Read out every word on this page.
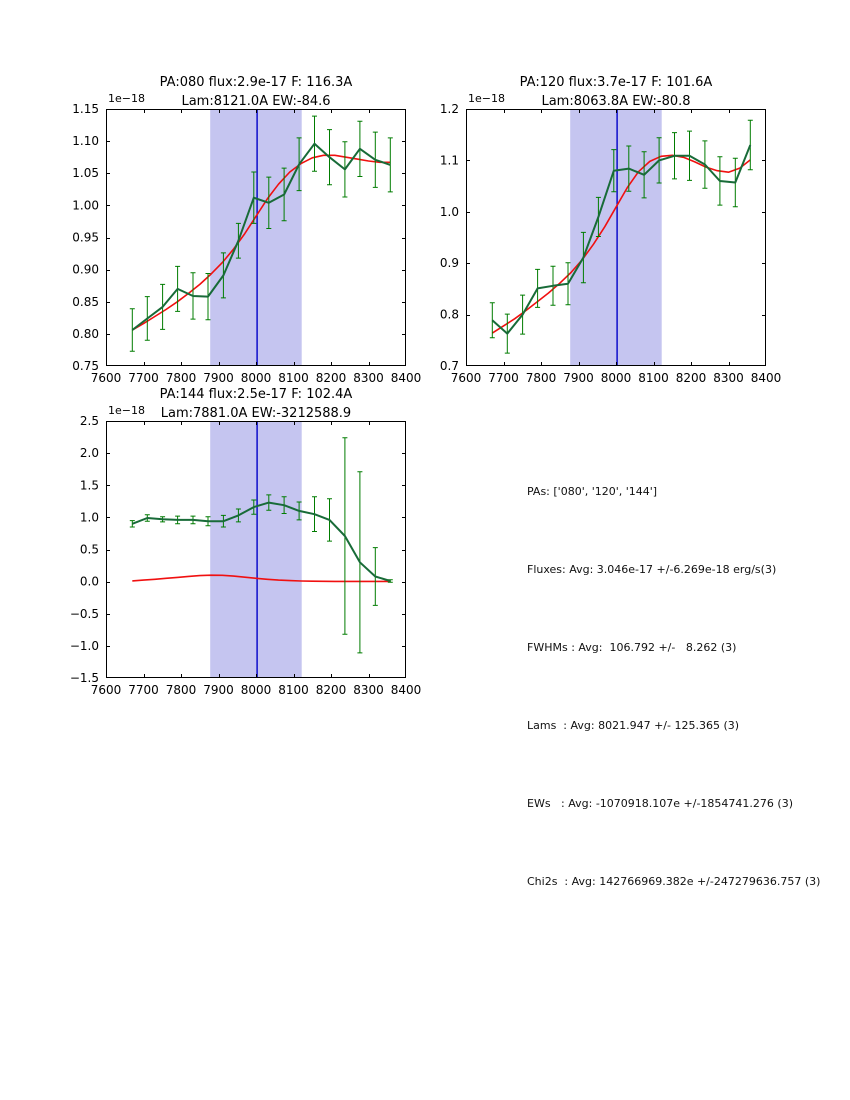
PA:080 flux:2.9e-17 F: 116.3A
Lam:8121.0A EW:-84.6
1e−18
7600 7700 7800 7900 8000 8100 8200 8300 8400
0.75
0.80
0.85
0.90
0.95
1.00
1.05
1.10
1.15
PA:120 flux:3.7e-17 F: 101.6A
Lam:8063.8A EW:-80.8
1e−18
7600 7700 7800 7900 8000 8100 8200 8300 8400
0.7
0.8
0.9
1.0
1.1
1.2
PA:144 flux:2.5e-17 F: 102.4A
Lam:7881.0A EW:-3212588.9
1e−18
7600 7700 7800 7900 8000 8100 8200 8300 8400
−1.5
−1.0
−0.5
0.0
0.5
1.0
1.5
2.0
2.5

PAs: ['080', '120', '144']

Fluxes: Avg: 3.046e-17 +/-6.269e-18 erg/s(3)

FWHMs : Avg:  106.792 +/-   8.262 (3)

Lams  : Avg: 8021.947 +/- 125.365 (3)

EWs   : Avg: -1070918.107e +/-1854741.276 (3)

Chi2s  : Avg: 142766969.382e +/-247279636.757 (3)
